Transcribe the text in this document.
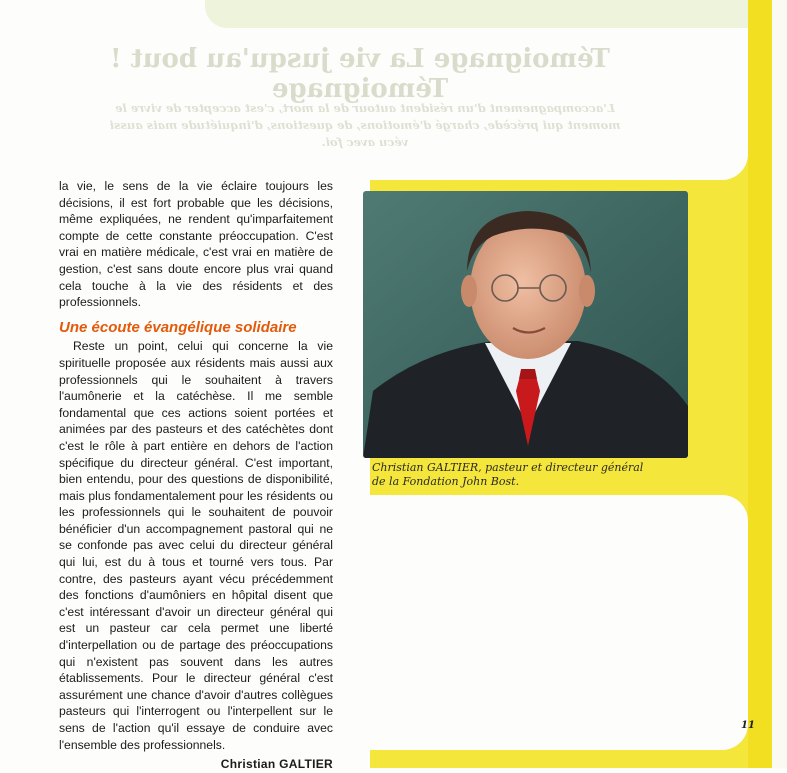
Témoignage La vie jusqu'au bout ! Témoignage
L'accompagnement d'un résident autour de la mort, c'est accepter de vivre le moment qui précède, chargé d'émotions, de questions, d'inquiétude mais aussi vécu avec foi.

la vie, le sens de la vie éclaire toujours les décisions, il est fort probable que les décisions, même expliquées, ne rendent qu'imparfaitement compte de cette constante préoccupation. C'est vrai en matière médicale, c'est vrai en matière de gestion, c'est sans doute encore plus vrai quand cela touche à la vie des résidents et des professionnels.

Une écoute évangélique solidaire

Reste un point, celui qui concerne la vie spirituelle proposée aux résidents mais aussi aux professionnels qui le souhaitent à travers l'aumônerie et la catéchèse. Il me semble fondamental que ces actions soient portées et animées par des pasteurs et des catéchètes dont c'est le rôle à part entière en dehors de l'action spécifique du directeur général. C'est important, bien entendu, pour des questions de disponibilité, mais plus fondamentalement pour les résidents ou les professionnels qui le souhaitent de pouvoir bénéficier d'un accompagnement pastoral qui ne se confonde pas avec celui du directeur général qui lui, est du à tous et tourné vers tous. Par contre, des pasteurs ayant vécu précédemment des fonctions d'aumôniers en hôpital disent que c'est intéressant d'avoir un directeur général qui est un pasteur car cela permet une liberté d'interpellation ou de partage des préoccupations qui n'existent pas souvent dans les autres établissements. Pour le directeur général c'est assurément une chance d'avoir d'autres collègues pasteurs qui l'interrogent ou l'interpellent sur le sens de l'action qu'il essaye de conduire avec l'ensemble des professionnels.

Christian GALTIER
Christian GALTIER, pasteur et directeur général
de la Fondation John Bost.
11
